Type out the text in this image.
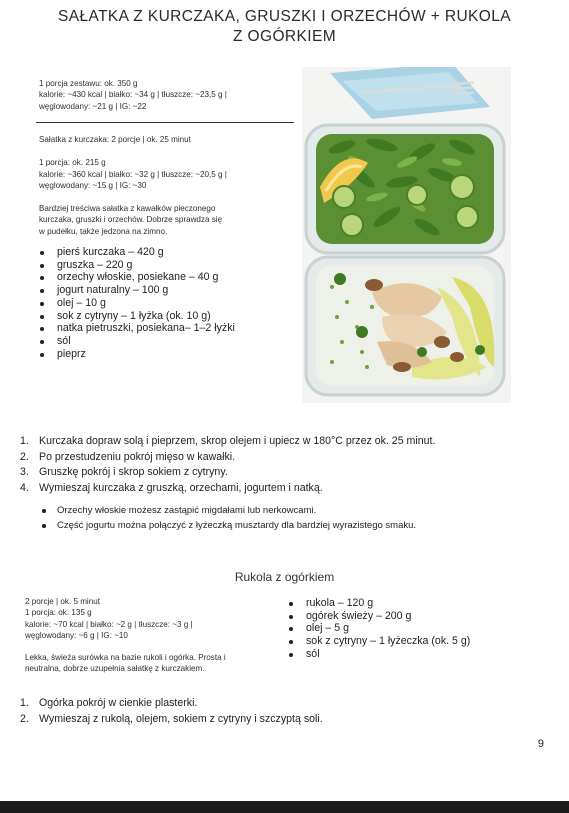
SAŁATKA Z KURCZAKA, GRUSZKI I ORZECHÓW + RUKOLA
Z OGÓRKIEM

1 porcja zestawu: ok. 350 g

kalorie: ~430 kcal | białko: ~34 g | tłuszcze: ~23,5 g |

węglowodany: ~21 g | IG: ~22

Sałatka z kurczaka: 2 porcje | ok. 25 minut

1 porcja: ok. 215 g

kalorie: ~360 kcal | białko: ~32 g | tłuszcze: ~20,5 g |

węglowodany: ~15 g | IG: ~30

Bardziej treściwa sałatka z kawałków pieczonego

kurczaka, gruszki i orzechów. Dobrze sprawdza się

w pudełku, także jedzona na zimno.

pierś kurczaka – 420 g
gruszka – 220 g
orzechy włoskie, posiekane – 40 g
jogurt naturalny – 100 g
olej – 10 g
sok z cytryny – 1 łyżka (ok. 10 g)
natka pietruszki, posiekana– 1–2 łyżki
sól
pieprz
1. Kurczaka dopraw solą i pieprzem, skrop olejem i upiecz w 180°C przez ok. 25 minut.
2. Po przestudzeniu pokrój mięso w kawałki.
3. Gruszkę pokrój i skrop sokiem z cytryny.
4. Wymieszaj kurczaka z gruszką, orzechami, jogurtem i natką.
Orzechy włoskie możesz zastąpić migdałami lub nerkowcami.
Część jogurtu można połączyć z łyżeczką musztardy dla bardziej wyrazistego smaku.
Rukola z ogórkiem

2 porcje | ok. 5 minut

1 porcja: ok. 135 g

kalorie: ~70 kcal | białko: ~2 g | tłuszcze: ~3 g |

węglowodany: ~6 g | IG: ~10

Lekka, świeża surówka na bazie rukoli i ogórka. Prosta i

neutralna, dobrze uzupełnia sałatkę z kurczakiem.

rukola – 120 g
ogórek świeży – 200 g
olej – 5 g
sok z cytryny – 1 łyżeczka (ok. 5 g)
sól
1. Ogórka pokrój w cienkie plasterki.
2. Wymieszaj z rukolą, olejem, sokiem z cytryny i szczyptą soli.
9
